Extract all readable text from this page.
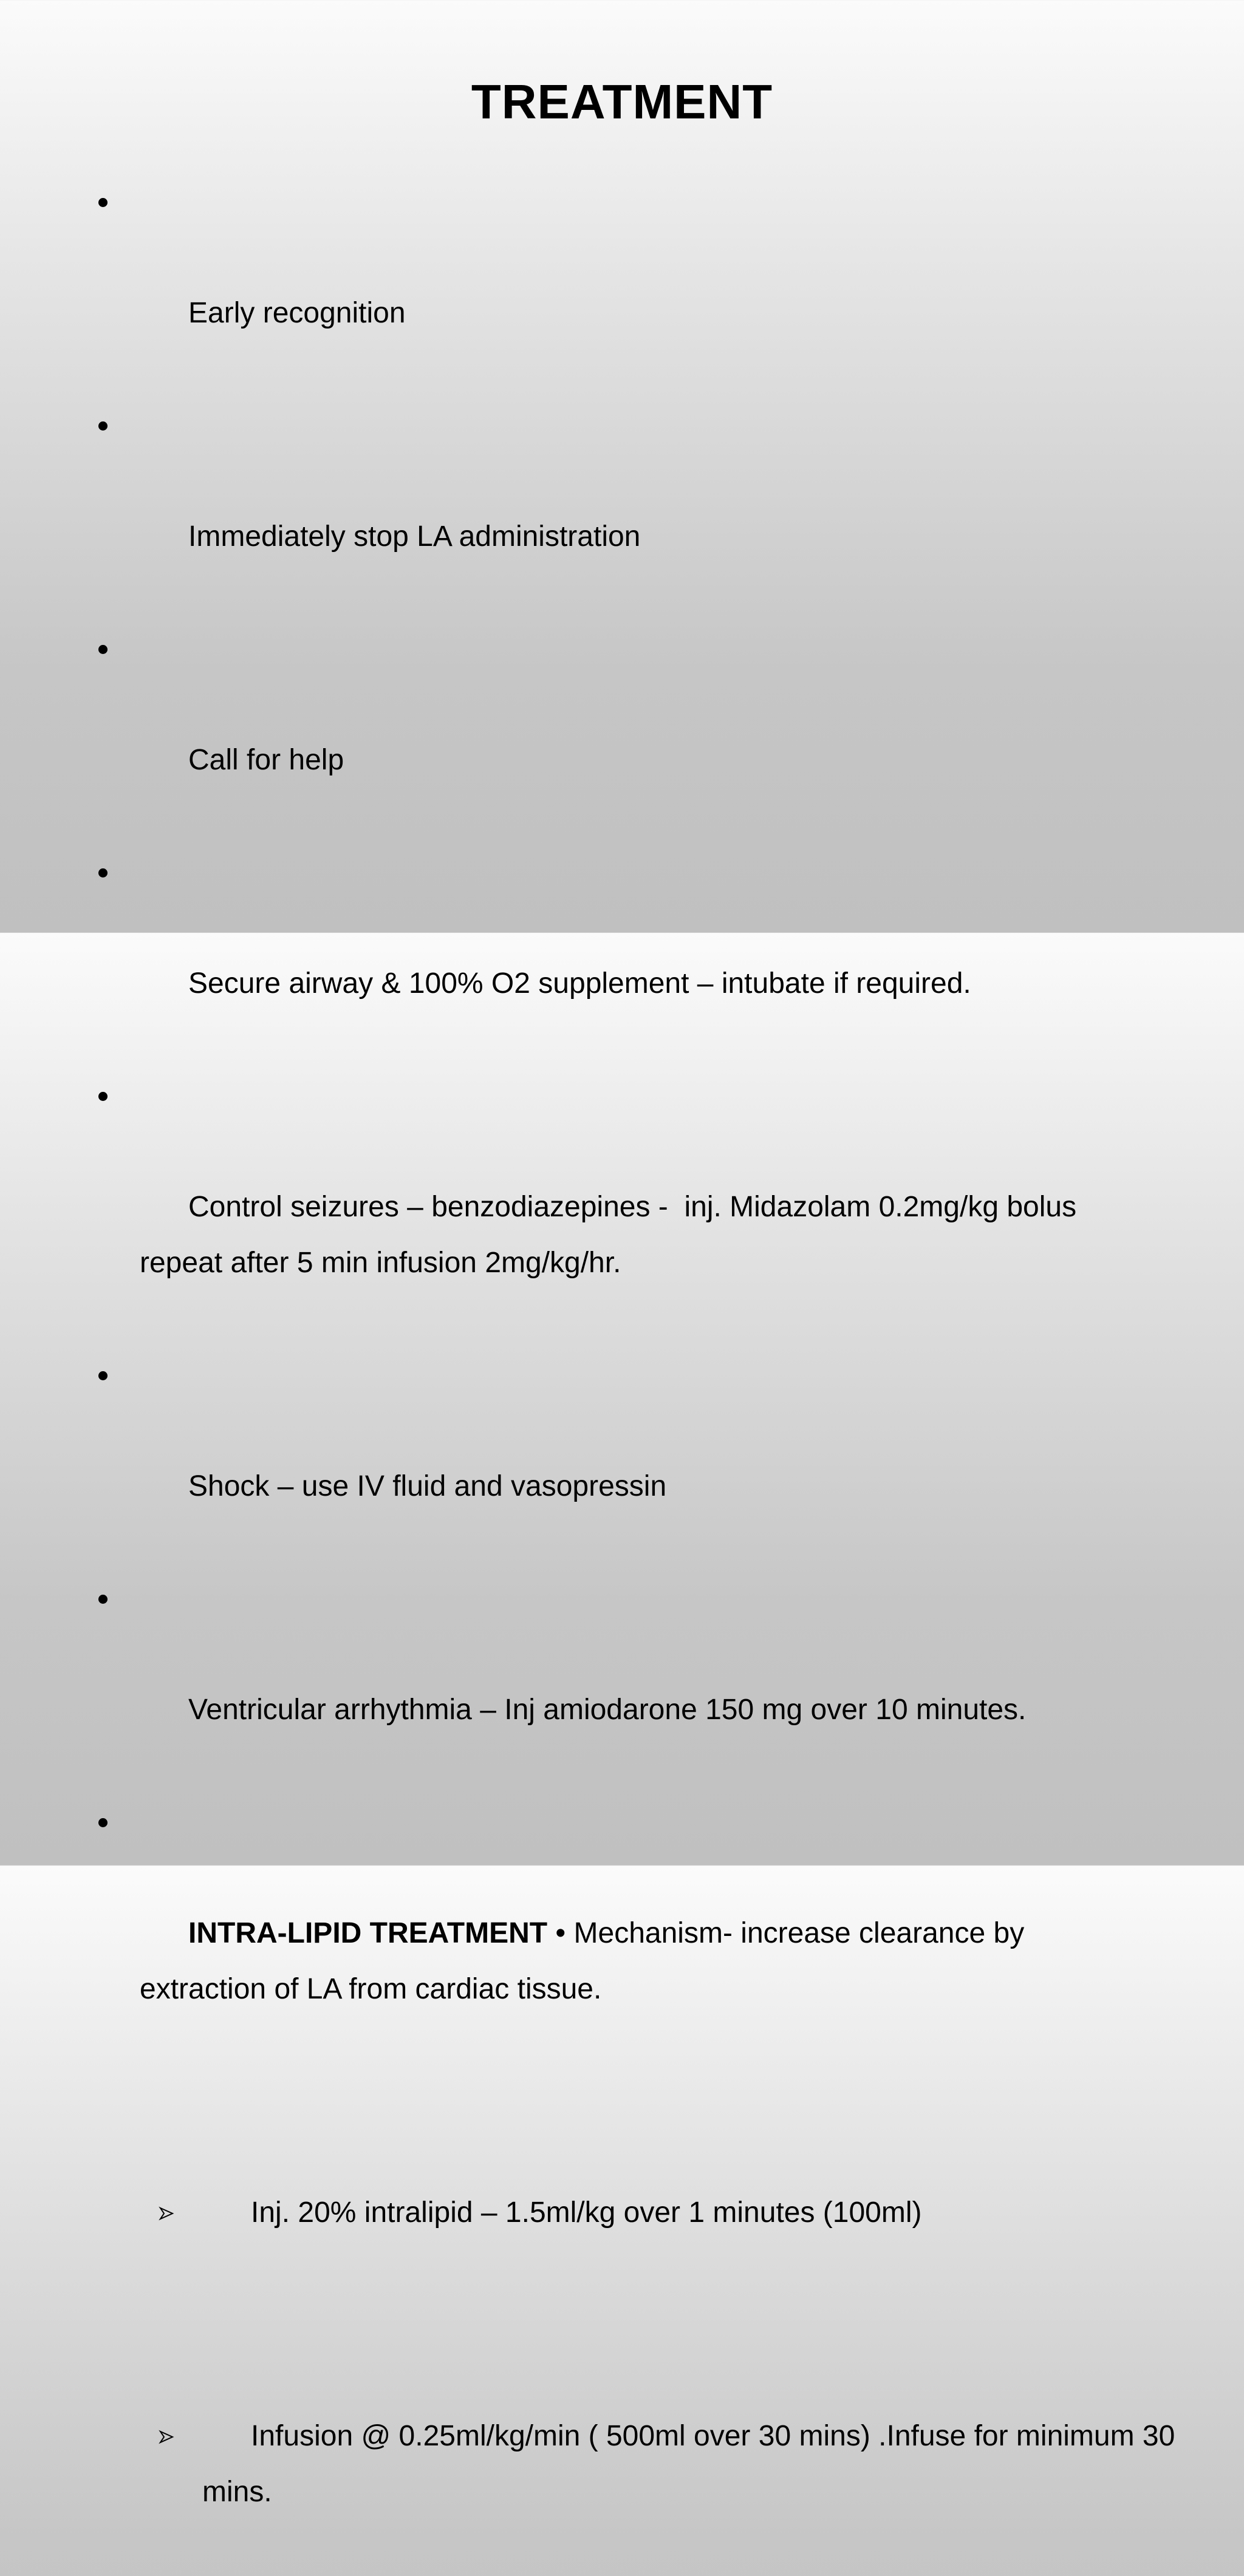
TREATMENT

Early recognition

Immediately stop LA administration

Call for help

Secure airway & 100% O2 supplement – intubate if required.

Control seizures – benzodiazepines -  inj. Midazolam 0.2mg/kg bolus repeat after 5 min infusion 2mg/kg/hr.

Shock – use IV fluid and vasopressin

Ventricular arrhythmia – Inj amiodarone 150 mg over 10 minutes.

INTRA-LIPID TREATMENT • Mechanism- increase clearance by extraction of LA from cardiac tissue.

Inj. 20% intralipid – 1.5ml/kg over 1 minutes (100ml)

Infusion @ 0.25ml/kg/min ( 500ml over 30 mins) .Infuse for minimum 30 mins.
